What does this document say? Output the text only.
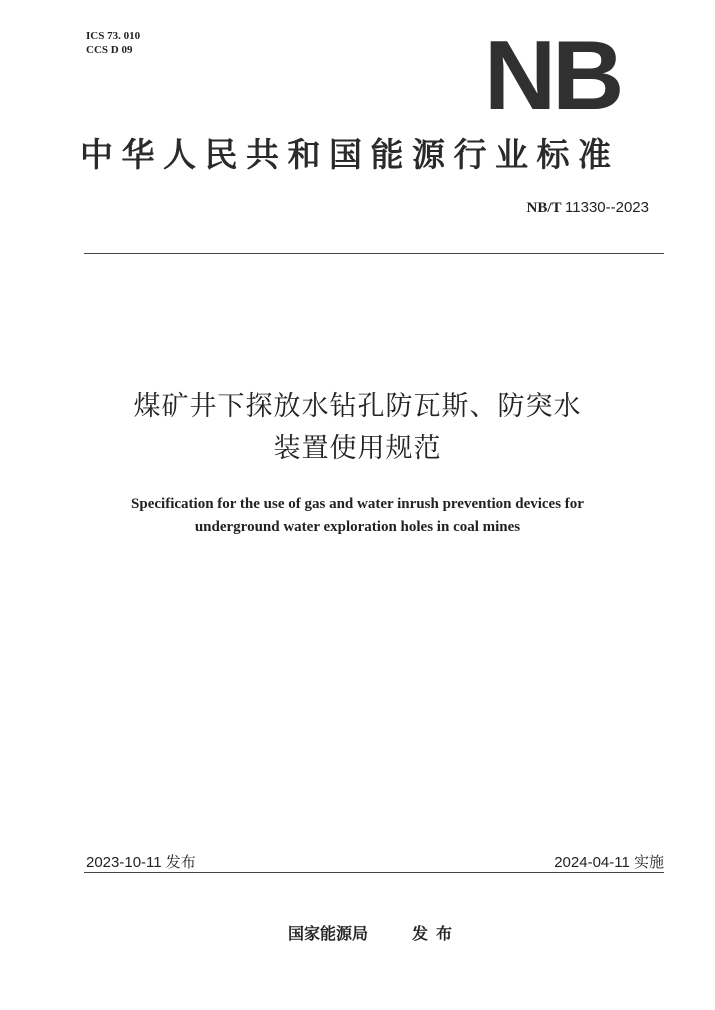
ICS 73. 010
CCS D 09	NB
中华人民共和国能源行业标准
NB/T 11330--2023
煤矿井下探放水钻孔防瓦斯、防突水
装置使用规范
Specification for the use of gas and water inrush prevention devices for
underground water exploration holes in coal mines
2023-10-11 发布	2024-04-11 实施
国家能源局	发布
